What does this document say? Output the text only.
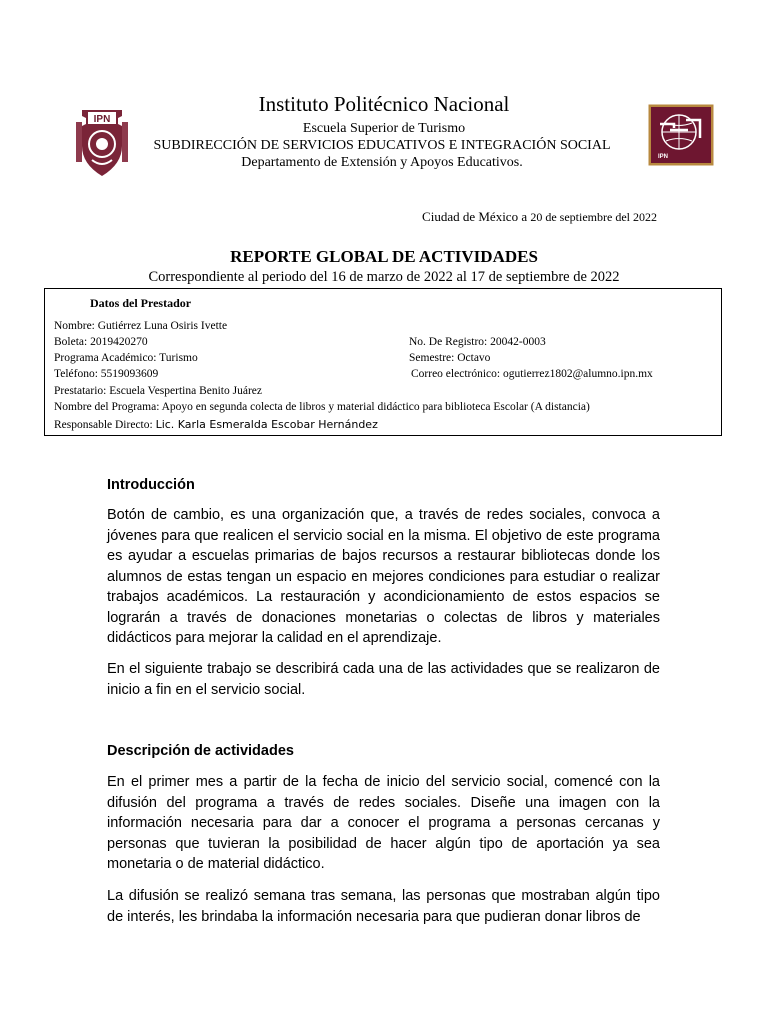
IPN
IPN
Instituto Politécnico Nacional
Escuela Superior de Turismo
SUBDIRECCIÓN DE SERVICIOS EDUCATIVOS E INTEGRACIÓN SOCIAL
Departamento de Extensión y Apoyos Educativos.
Ciudad de México a 20 de septiembre del 2022
REPORTE GLOBAL DE ACTIVIDADES
Correspondiente al periodo del 16 de marzo de 2022 al 17 de septiembre de 2022
Datos del Prestador
Nombre: Gutiérrez Luna Osiris Ivette
Boleta: 2019420270	No. De Registro: 20042-0003
Programa Académico: Turismo	Semestre: Octavo
Teléfono: 5519093609	Correo electrónico: ogutierrez1802@alumno.ipn.mx
Prestatario: Escuela Vespertina Benito Juárez
Nombre del Programa: Apoyo en segunda colecta de libros y material didáctico para biblioteca Escolar (A distancia)
Responsable Directo: Lic. Karla Esmeralda Escobar Hernández
Introducción

Botón de cambio, es una organización que, a través de redes sociales, convoca a jóvenes para que realicen el servicio social en la misma. El objetivo de este programa es ayudar a escuelas primarias de bajos recursos a restaurar bibliotecas donde los alumnos de estas tengan un espacio en mejores condiciones para estudiar o realizar trabajos académicos. La restauración y acondicionamiento de estos espacios se lograrán a través de donaciones monetarias o colectas de libros y materiales didácticos para mejorar la calidad en el aprendizaje.

En el siguiente trabajo se describirá cada una de las actividades que se realizaron de inicio a fin en el servicio social.

Descripción de actividades

En el primer mes a partir de la fecha de inicio del servicio social, comencé con la difusión del programa a través de redes sociales. Diseñe una imagen con la información necesaria para dar a conocer el programa a personas cercanas y personas que tuvieran la posibilidad de hacer algún tipo de aportación ya sea monetaria o de material didáctico.

La difusión se realizó semana tras semana, las personas que mostraban algún tipo de interés, les brindaba la información necesaria para que pudieran donar libros de
